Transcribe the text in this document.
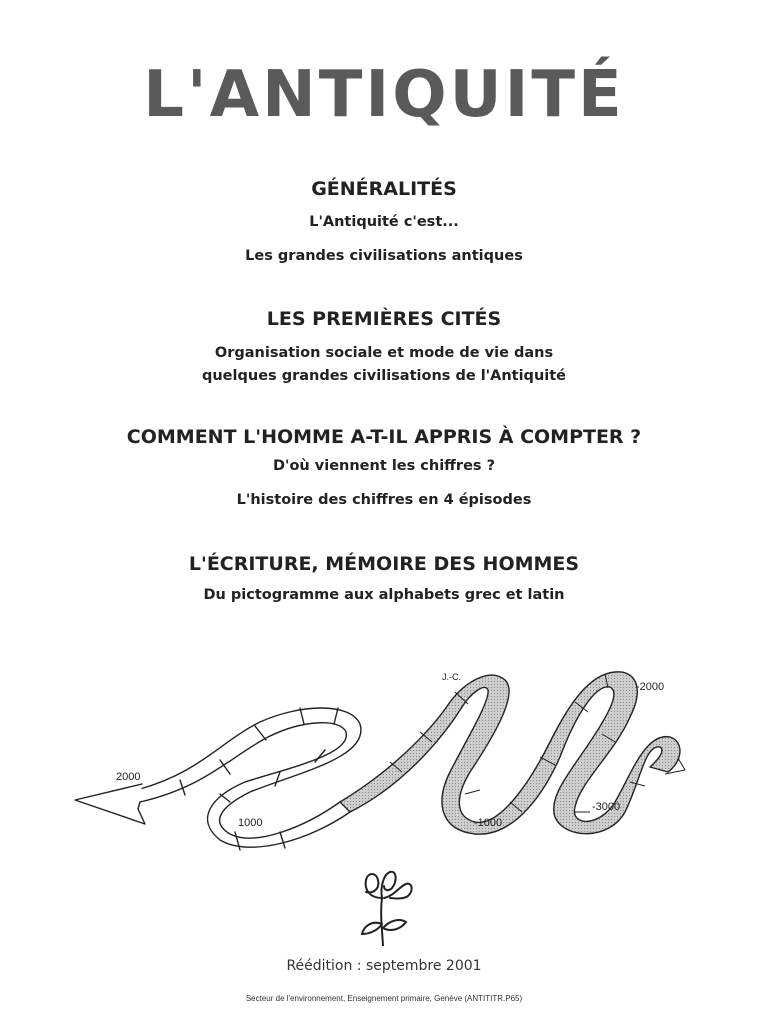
L'ANTIQUITÉ

GÉNÉRALITÉS

L'Antiquité c'est...

Les grandes civilisations antiques

LES PREMIÈRES CITÉS

Organisation sociale et mode de vie dans
quelques grandes civilisations de l'Antiquité

COMMENT L'HOMME A-T-IL APPRIS À COMPTER ?

D'où viennent les chiffres ?

L'histoire des chiffres en 4 épisodes

L'ÉCRITURE, MÉMOIRE DES HOMMES

Du pictogramme aux alphabets grec et latin

2000
1000
J.-C.
-1000
-2000
-3000
Réédition : septembre 2001
Secteur de l'environnement, Enseignement primaire, Genève (ANTITITR.P65)
